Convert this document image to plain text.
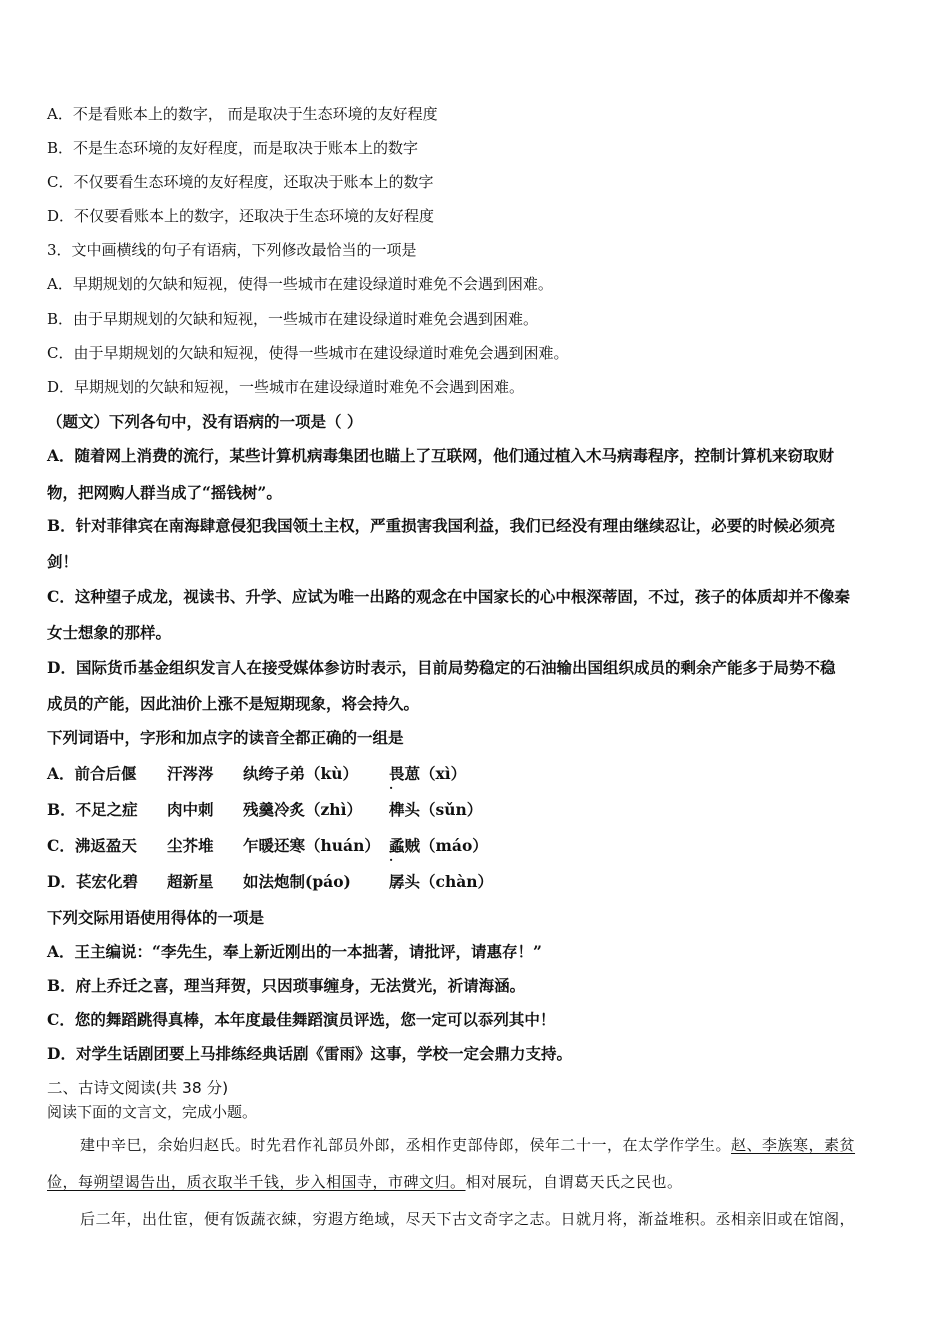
A．不是看账本上的数字， 而是取决于生态环境的友好程度
B．不是生态环境的友好程度，而是取决于账本上的数字
C．不仅要看生态环境的友好程度，还取决于账本上的数字
D．不仅要看账本上的数字，还取决于生态环境的友好程度
3．文中画横线的句子有语病，下列修改最恰当的一项是
A．早期规划的欠缺和短视，使得一些城市在建设绿道时难免不会遇到困难。
B．由于早期规划的欠缺和短视，一些城市在建设绿道时难免会遇到困难。
C．由于早期规划的欠缺和短视，使得一些城市在建设绿道时难免会遇到困难。
D．早期规划的欠缺和短视，一些城市在建设绿道时难免不会遇到困难。
（题文）下列各句中，没有语病的一项是（ ）
A．随着网上消费的流行，某些计算机病毒集团也瞄上了互联网，他们通过植入木马病毒程序，控制计算机来窃取财
物，把网购人群当成了“摇钱树”。
B．针对菲律宾在南海肆意侵犯我国领土主权，严重损害我国利益，我们已经没有理由继续忍让，必要的时候必须亮
剑！
C．这种望子成龙，视读书、升学、应试为唯一出路的观念在中国家长的心中根深蒂固，不过，孩子的体质却并不像秦
女士想象的那样。
D．国际货币基金组织发言人在接受媒体参访时表示，目前局势稳定的石油输出国组织成员的剩余产能多于局势不稳
成员的产能，因此油价上涨不是短期现象，将会持久。
下列词语中，字形和加点字的读音全都正确的一组是
A．前合后偃 汗涔涔 纨绔子弟（kù） 畏葸（xì） .
B．不足之症 肉中刺 残羹冷炙（zhì） 榫头（sǔn）
C．沸返盈天 尘芥堆 乍暖还寒（huán） 蟊贼（máo） .
D．苌宏化碧 超新星 如法炮制(páo) 孱头（chàn）
下列交际用语使用得体的一项是
A．王主编说：“李先生，奉上新近刚出的一本拙著，请批评，请惠存！”
B．府上乔迁之喜，理当拜贺，只因琐事缠身，无法赏光，祈请海涵。
C．您的舞蹈跳得真棒，本年度最佳舞蹈演员评选，您一定可以忝列其中！
D．对学生话剧团要上马排练经典话剧《雷雨》这事，学校一定会鼎力支持。
二、古诗文阅读(共 38 分)
阅读下面的文言文，完成小题。
建中辛巳，余始归赵氏。时先君作礼部员外郎，丞相作吏部侍郎，侯年二十一，在太学作学生。赵、李族寒，素贫
俭，每朔望谒告出，质衣取半千钱，步入相国寺，市碑文归。相对展玩，自谓葛天氏之民也。
后二年，出仕宦，便有饭蔬衣綀，穷遐方绝域，尽天下古文奇字之志。日就月将，渐益堆积。丞相亲旧或在馆阁，
